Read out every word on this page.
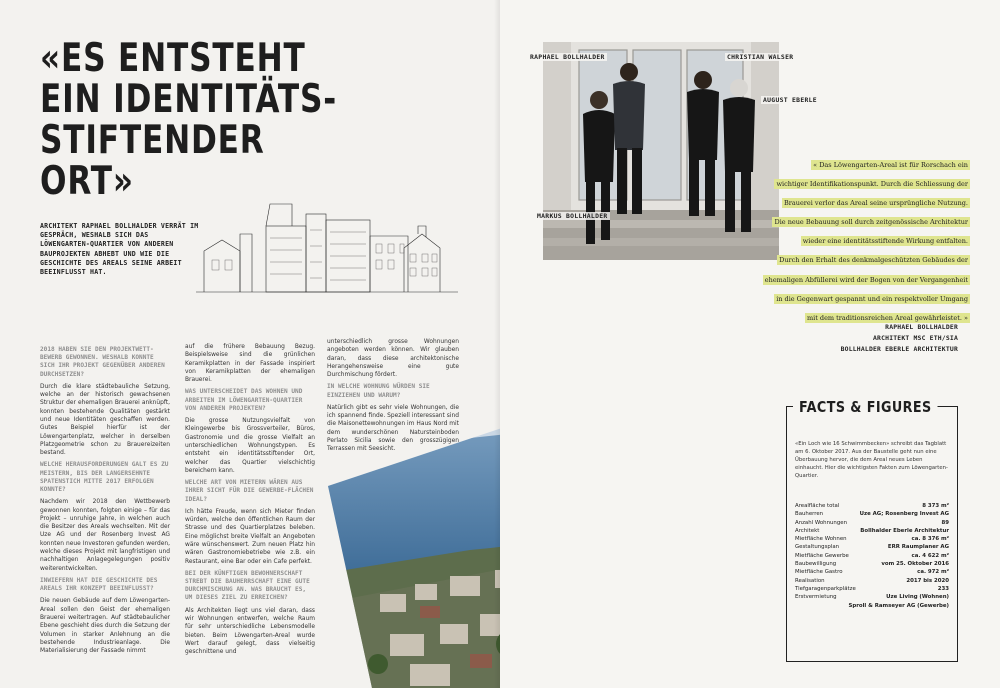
«ES ENTSTEHT
EIN IDENTITÄTS-
STIFTENDER
ORT»
ARCHITEKT RAPHAEL BOLLHALDER VERRÄT IM GESPRÄCH, WESHALB SICH DAS LÖWENGARTEN-QUARTIER VON ANDEREN BAUPROJEKTEN ABHEBT UND WIE DIE GESCHICHTE DES AREALS SEINE ARBEIT BEEINFLUSST HAT.

2018 HABEN SIE DEN PROJEKTWETT-BEWERB GEWONNEN. WESHALB KONNTE SICH IHR PROJEKT GEGENÜBER ANDEREN DURCHSETZEN?

Durch die klare städtebauliche Setzung, welche an der historisch gewachsenen Struktur der ehemaligen Brauerei anknüpft, konnten bestehende Qualitäten gestärkt und neue Identitäten geschaffen werden. Gutes Beispiel hierfür ist der Löwengartenplatz, welcher in derselben Platzgeometrie schon zu Brauereizeiten bestand.

WELCHE HERAUSFORDERUNGEN GALT ES ZU MEISTERN, BIS DER LANGERSEHNTE SPATENSTICH MITTE 2017 ERFOLGEN KONNTE?

Nachdem wir 2018 den Wettbewerb gewonnen konnten, folgten einige – für das Projekt – unruhige Jahre, in welchen auch die Besitzer des Areals wechselten. Mit der Uze AG und der Rosenberg Invest AG konnten neue Investoren gefunden werden, welche dieses Projekt mit langfristigen und nachhaltigen Anlagegelegungen positiv weiterentwickelten.

INWIEFERN HAT DIE GESCHICHTE DES AREALS IHR KONZEPT BEEINFLUSST?

Die neuen Gebäude auf dem Löwengarten-Areal sollen den Geist der ehemaligen Brauerei weitertragen. Auf städtebaulicher Ebene geschieht dies durch die Setzung der Volumen in starker Anlehnung an die bestehende Industrieanlage. Die Materialisierung der Fassade nimmt

auf die frühere Bebauung Bezug. Beispielsweise sind die grünlichen Keramikplatten in der Fassade inspiriert von Keramikplatten der ehemaligen Brauerei.

WAS UNTERSCHEIDET DAS WOHNEN UND ARBEITEN IM LÖWENGARTEN-QUARTIER VON ANDEREN PROJEKTEN?

Die grosse Nutzungsvielfalt von Kleingewerbe bis Grossverteiler, Büros, Gastronomie und die grosse Vielfalt an unterschiedlichen Wohnungstypen. Es entsteht ein identitätsstiftender Ort, welcher das Quartier vielschichtig bereichern kann.

WELCHE ART VON MIETERN WÄREN AUS IHRER SICHT FÜR DIE GEWERBE-FLÄCHEN IDEAL?

Ich hätte Freude, wenn sich Mieter finden würden, welche den öffentlichen Raum der Strasse und des Quartierplatzes beleben. Eine möglichst breite Vielfalt an Angeboten wäre wünschenswert. Zum neuen Platz hin wären Gastronomiebetriebe wie z.B. ein Restaurant, eine Bar oder ein Cafe perfekt.

BEI DER KÜNFTIGEN BEWOHNERSCHAFT STREBT DIE BAUHERRSCHAFT EINE GUTE DURCHMISCHUNG AN. WAS BRAUCHT ES, UM DIESES ZIEL ZU ERREICHEN?

Als Architekten liegt uns viel daran, dass wir Wohnungen entwerfen, welche Raum für sehr unterschiedliche Lebensmodelle bieten. Beim Löwengarten-Areal wurde Wert darauf gelegt, dass vielseitig geschnittene und

unterschiedlich grosse Wohnungen angeboten werden können. Wir glauben daran, dass diese architektonische Herangehensweise eine gute Durchmischung fördert.

IN WELCHE WOHNUNG WÜRDEN SIE EINZIEHEN UND WARUM?

Natürlich gibt es sehr viele Wohnungen, die ich spannend finde. Speziell interessant sind die Maisonettewohnungen im Haus Nord mit dem wunderschönen Natursteinboden Perlato Sicilia sowie den grosszügigen Terrassen mit Seesicht.

RAPHAEL BOLLHALDER	CHRISTIAN WALSER
AUGUST EBERLE
MARKUS BOLLHALDER
« Das Löwengarten-Areal ist für Rorschach ein
wichtiger Identifikationspunkt. Durch die Schliessung der
Brauerei verlor das Areal seine ursprüngliche Nutzung.
Die neue Bebauung soll durch zeitgenössische Architektur
wieder eine identitätsstiftende Wirkung entfalten.
Durch den Erhalt des denkmalgeschützten Gebäudes der
ehemaligen Abfüllerei wird der Bogen von der Vergangenheit
in die Gegenwart gespannt und ein respektvoller Umgang
mit dem traditionsreichen Areal gewährleistet. »
RAPHAEL BOLLHALDER
ARCHITEKT MSC ETH/SIA
BOLLHALDER EBERLE ARCHITEKTUR
FACTS & FIGURES
«Ein Loch wie 16 Schwimmbecken» schreibt das Tagblatt am 6. Oktober 2017. Aus der Baustelle geht nun eine Überbauung hervor, die dem Areal neues Leben einhaucht. Hier die wichtigsten Fakten zum Löwengarten-Quartier.
Arealfläche total	8 373 m²
Bauherren	Uze AG; Rosenberg Invest AG
Anzahl Wohnungen	89
Architekt	Bollhalder Eberle Architektur
Mietfläche Wohnen	ca. 8 376 m²
Gestaltungsplan	ERR Raumplaner AG
Mietfläche Gewerbe	ca. 4 622 m²
Baubewilligung	vom 25. Oktober 2016
Mietfläche Gastro	ca. 972 m²
Realisation	2017 bis 2020
Tiefgaragenparkplätze	233
Erstvermietung	Uze Living (Wohnen)
Sproll & Ramseyer AG (Gewerbe)
